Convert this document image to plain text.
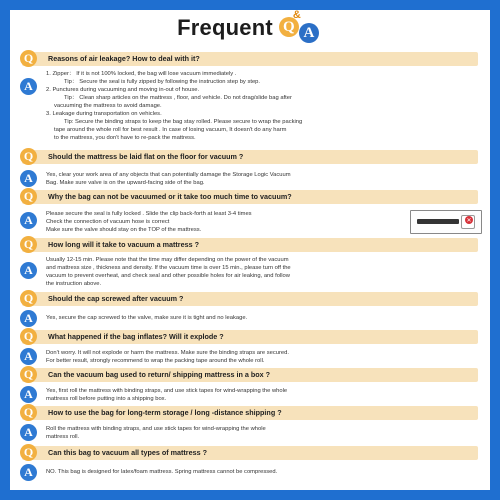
Frequent Q
&
A
Q	Reasons of air leakage? How to deal with it?
A
1. Zipper： If it is not 100% locked, the bag will lose vacuum immediately .
Tip： Secure the seal is fully zipped by following the instruction step by step.
2. Punctures during vacuuming and moving in-out of house.
Tip： Clean sharp articles on the mattress , floor, and vehicle. Do not drag/slide bag after
vacuuming the mattress to avoid damage.
3. Leakage during transportation on vehicles.
Tip: Secure the binding straps to keep the bag stay rolled. Please secure to wrap the packing
tape around the whole roll for best result . In case of losing vacuum, It doesn't do any harm
to the mattress, you don't have to re-pack the mattress.
Q	Should the mattress be laid flat on the floor for vacuum ?
A	Yes, clear your work area of any objects that can potentially damage the Storage Logic Vacuum
Bag. Make sure valve is on the upward-facing side of the bag.
Q	Why the bag can not be vacuumed or it take too much time to vacuum?
A	Please secure the seal is fully locked . Slide the clip back-forth at least 3-4 times
Check the connection of vacuum hose is correct
Make sure the valve should stay on the TOP of the mattress.
✕
Q	How long will it take to vacuum a mattress ?
A
Usually 12-15 min. Please note that the time may differ depending on the power of the vacuum
and mattress size , thickness and density. If the vacuum time is over 15 min., please turn off the
vacuum to prevent overheat, and check seal and other possible holes for air leaking, and follow
the instruction above.
Q	Should the cap screwed after vacuum ?
A	Yes, secure the cap screwed to the valve, make sure it is tight and no leakage.
Q	What happened if the bag inflates? Will it explode ?
A	Don't worry. It will not explode or harm the mattress. Make sure the binding straps are secured.
For better result, strongly recommend to wrap the packing tape around the whole roll.
Q	Can the vacuum bag used to return/ shipping mattress in a box ?
A	Yes, first roll the mattress with binding straps, and use stick tapes for wind-wrapping the whole
mattress roll before putting into a shipping box.
Q	How to use the bag for long-term storage / long -distance shipping ?
A	Roll the mattress with binding straps, and use stick tapes for wind-wrapping the whole
mattress roll.
Q	Can this bag to vacuum all types of mattress ?
A	NO. This bag is designed for latex/foam mattress. Spring mattress cannot be compressed.
